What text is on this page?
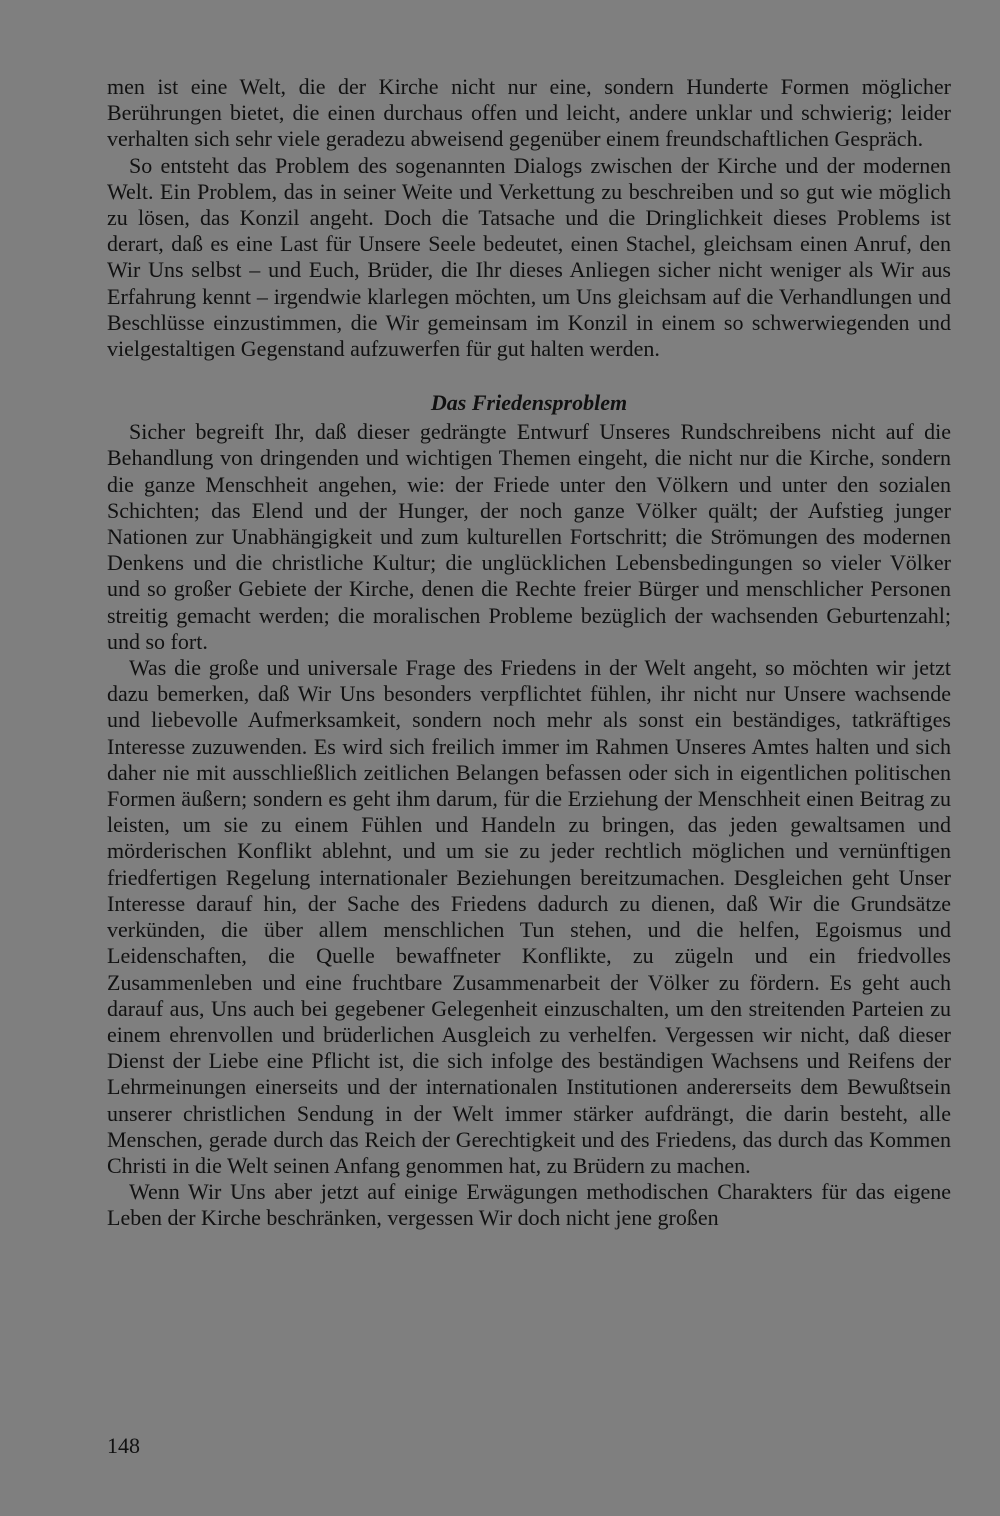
men ist eine Welt, die der Kirche nicht nur eine, sondern Hunderte Formen möglicher Berührungen bietet, die einen durchaus offen und leicht, andere unklar und schwierig; leider verhalten sich sehr viele geradezu abweisend gegenüber einem freundschaftlichen Gespräch.

So entsteht das Problem des sogenannten Dialogs zwischen der Kirche und der modernen Welt. Ein Problem, das in seiner Weite und Verkettung zu beschreiben und so gut wie möglich zu lösen, das Konzil angeht. Doch die Tatsache und die Dringlichkeit dieses Problems ist derart, daß es eine Last für Unsere Seele bedeutet, einen Stachel, gleichsam einen Anruf, den Wir Uns selbst – und Euch, Brüder, die Ihr dieses Anliegen sicher nicht weniger als Wir aus Erfahrung kennt – irgendwie klarlegen möchten, um Uns gleichsam auf die Verhandlungen und Beschlüsse einzustimmen, die Wir gemeinsam im Konzil in einem so schwerwiegenden und vielgestaltigen Gegenstand aufzuwerfen für gut halten werden.

Das Friedensproblem

Sicher begreift Ihr, daß dieser gedrängte Entwurf Unseres Rundschreibens nicht auf die Behandlung von dringenden und wichtigen Themen eingeht, die nicht nur die Kirche, sondern die ganze Menschheit angehen, wie: der Friede unter den Völkern und unter den sozialen Schichten; das Elend und der Hunger, der noch ganze Völker quält; der Aufstieg junger Nationen zur Unabhängigkeit und zum kulturellen Fortschritt; die Strömungen des modernen Denkens und die christliche Kultur; die unglücklichen Lebensbedingungen so vieler Völker und so großer Gebiete der Kirche, denen die Rechte freier Bürger und menschlicher Personen streitig gemacht werden; die moralischen Probleme bezüglich der wachsenden Geburtenzahl; und so fort.

Was die große und universale Frage des Friedens in der Welt angeht, so möchten wir jetzt dazu bemerken, daß Wir Uns besonders verpflichtet fühlen, ihr nicht nur Unsere wachsende und liebevolle Aufmerksamkeit, sondern noch mehr als sonst ein beständiges, tatkräftiges Interesse zuzuwenden. Es wird sich freilich immer im Rahmen Unseres Amtes halten und sich daher nie mit ausschließlich zeitlichen Belangen befassen oder sich in eigentlichen politischen Formen äußern; sondern es geht ihm darum, für die Erziehung der Menschheit einen Beitrag zu leisten, um sie zu einem Fühlen und Handeln zu bringen, das jeden gewaltsamen und mörderischen Konflikt ablehnt, und um sie zu jeder rechtlich möglichen und vernünftigen friedfertigen Regelung internationaler Beziehungen bereitzumachen. Desgleichen geht Unser Interesse darauf hin, der Sache des Friedens dadurch zu dienen, daß Wir die Grundsätze verkünden, die über allem menschlichen Tun stehen, und die helfen, Egoismus und Leidenschaften, die Quelle bewaffneter Konflikte, zu zügeln und ein friedvolles Zusammenleben und eine fruchtbare Zusammenarbeit der Völker zu fördern. Es geht auch darauf aus, Uns auch bei gegebener Gelegenheit einzuschalten, um den streitenden Parteien zu einem ehrenvollen und brüderlichen Ausgleich zu verhelfen. Vergessen wir nicht, daß dieser Dienst der Liebe eine Pflicht ist, die sich infolge des beständigen Wachsens und Reifens der Lehrmeinungen einerseits und der internationalen Institutionen andererseits dem Bewußtsein unserer christlichen Sendung in der Welt immer stärker aufdrängt, die darin besteht, alle Menschen, gerade durch das Reich der Gerechtigkeit und des Friedens, das durch das Kommen Christi in die Welt seinen Anfang genommen hat, zu Brüdern zu machen.

Wenn Wir Uns aber jetzt auf einige Erwägungen methodischen Charakters für das eigene Leben der Kirche beschränken, vergessen Wir doch nicht jene großen

148
